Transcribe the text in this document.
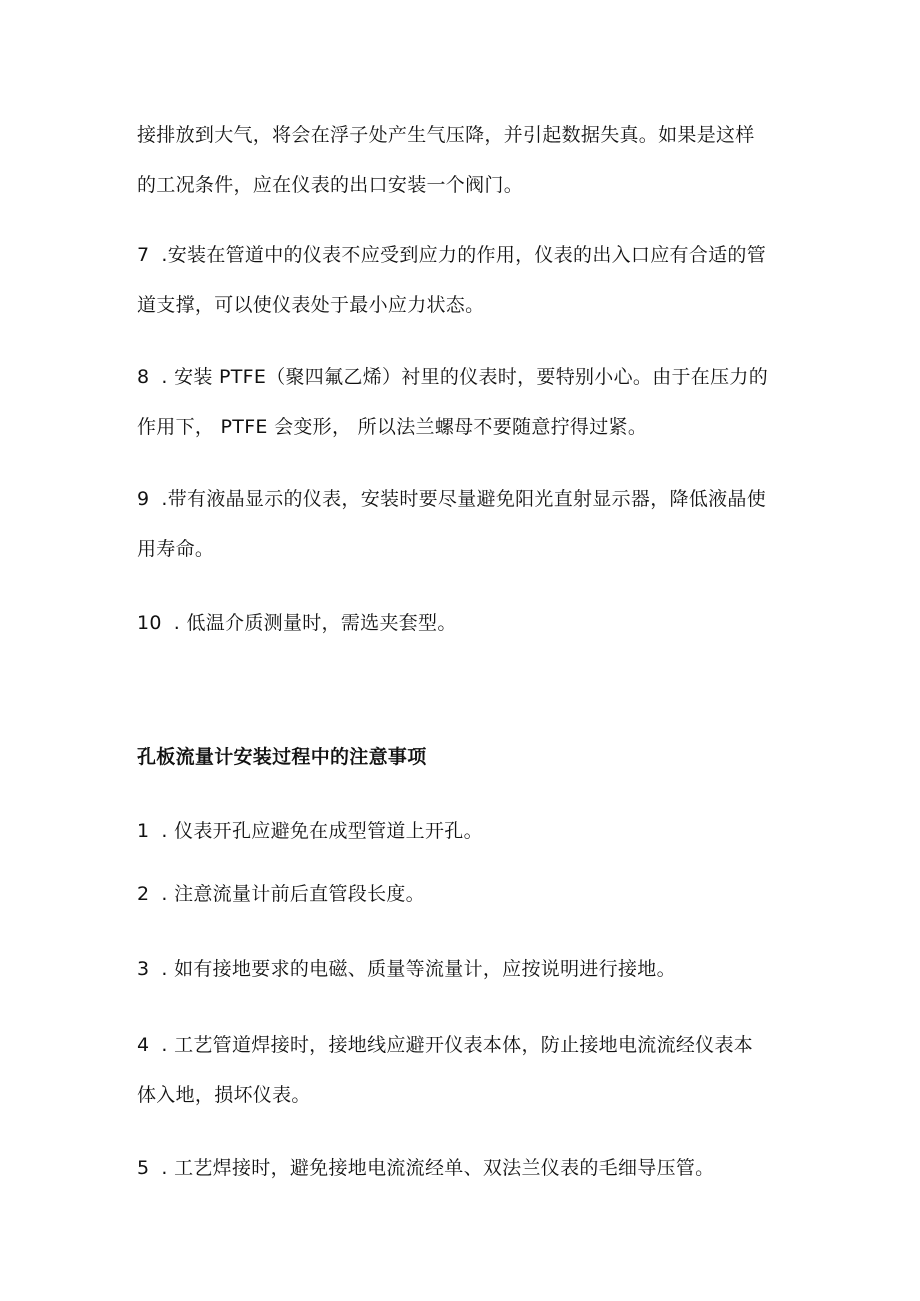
接排放到大气，将会在浮子处产生气压降，并引起数据失真。如果是这样
的工况条件，应在仪表的出口安装一个阀门。
7 .安装在管道中的仪表不应受到应力的作用，仪表的出入口应有合适的管
道支撑，可以使仪表处于最小应力状态。
8 . 安装 PTFE（聚四氟乙烯）衬里的仪表时，要特别小心。由于在压力的
作用下， PTFE 会变形， 所以法兰螺母不要随意拧得过紧。
9 .带有液晶显示的仪表，安装时要尽量避免阳光直射显示器，降低液晶使
用寿命。
10 . 低温介质测量时，需选夹套型。
孔板流量计安装过程中的注意事项
1 . 仪表开孔应避免在成型管道上开孔。
2 . 注意流量计前后直管段长度。
3 . 如有接地要求的电磁、质量等流量计，应按说明进行接地。
4 . 工艺管道焊接时，接地线应避开仪表本体，防止接地电流流经仪表本
体入地，损坏仪表。
5 . 工艺焊接时，避免接地电流流经单、双法兰仪表的毛细导压管。
